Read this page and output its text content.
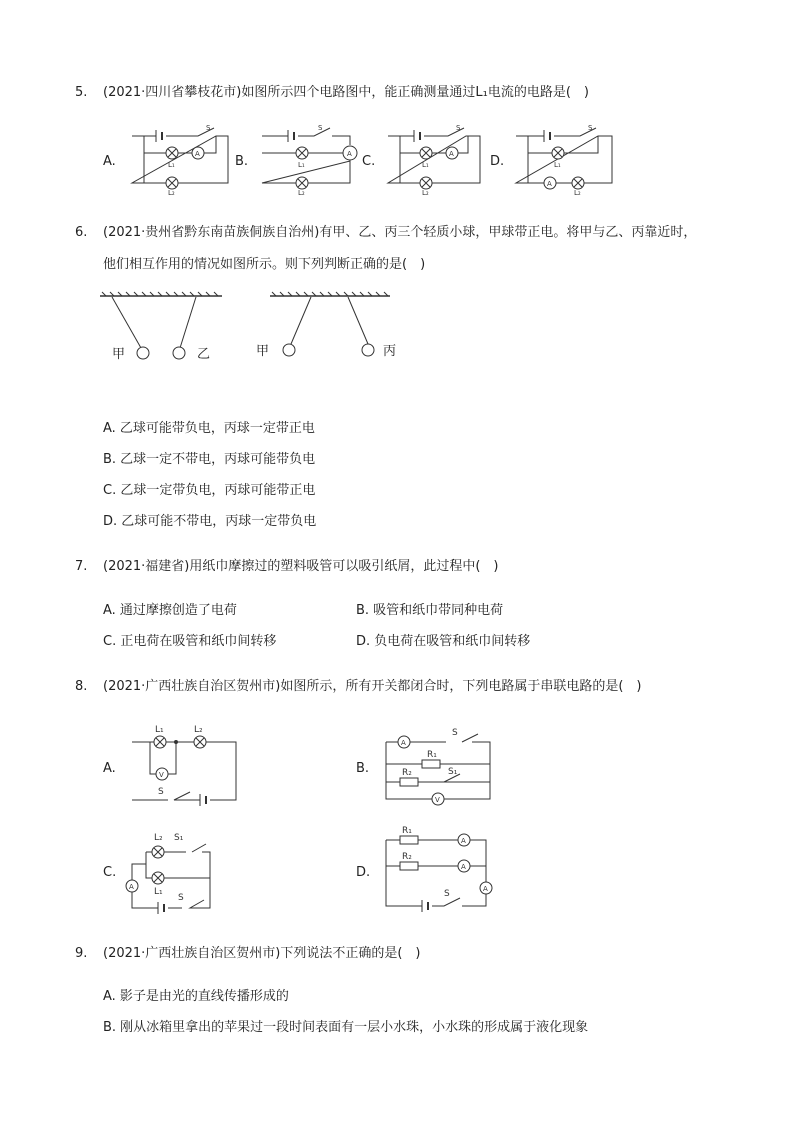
5.	(2021·四川省攀枝花市)如图所示四个电路图中，能正确测量通过L₁电流的电路是(　)
A.	B.	C.	D.
S
A
L₁
L₂
S
A
L₁
L₂
S
A
L₁
L₂
S
A
L₁
L₂
6.	(2021·贵州省黔东南苗族侗族自治州)有甲、乙、丙三个轻质小球，甲球带正电。将甲与乙、丙靠近时，
他们相互作用的情况如图所示。则下列判断正确的是(　)
甲	乙	甲	丙
A. 乙球可能带负电，丙球一定带正电
B. 乙球一定不带电，丙球可能带负电
C. 乙球一定带负电，丙球可能带正电
D. 乙球可能不带电，丙球一定带负电
7.	(2021·福建省)用纸巾摩擦过的塑料吸管可以吸引纸屑，此过程中(　)
A. 通过摩擦创造了电荷	B. 吸管和纸巾带同种电荷
C. 正电荷在吸管和纸巾间转移	D. 负电荷在吸管和纸巾间转移
8.	(2021·广西壮族自治区贺州市)如图所示，所有开关都闭合时，下列电路属于串联电路的是(　)
A.	B.
C.	D.
L₁	L₂
V
S
A
S
R₁
R₂	S₁
V
L₂ S₁
L₁
A
S
R₁
R₂
A
A
A
S
9.	(2021·广西壮族自治区贺州市)下列说法不正确的是(　)
A. 影子是由光的直线传播形成的
B. 刚从冰箱里拿出的苹果过一段时间表面有一层小水珠，小水珠的形成属于液化现象
